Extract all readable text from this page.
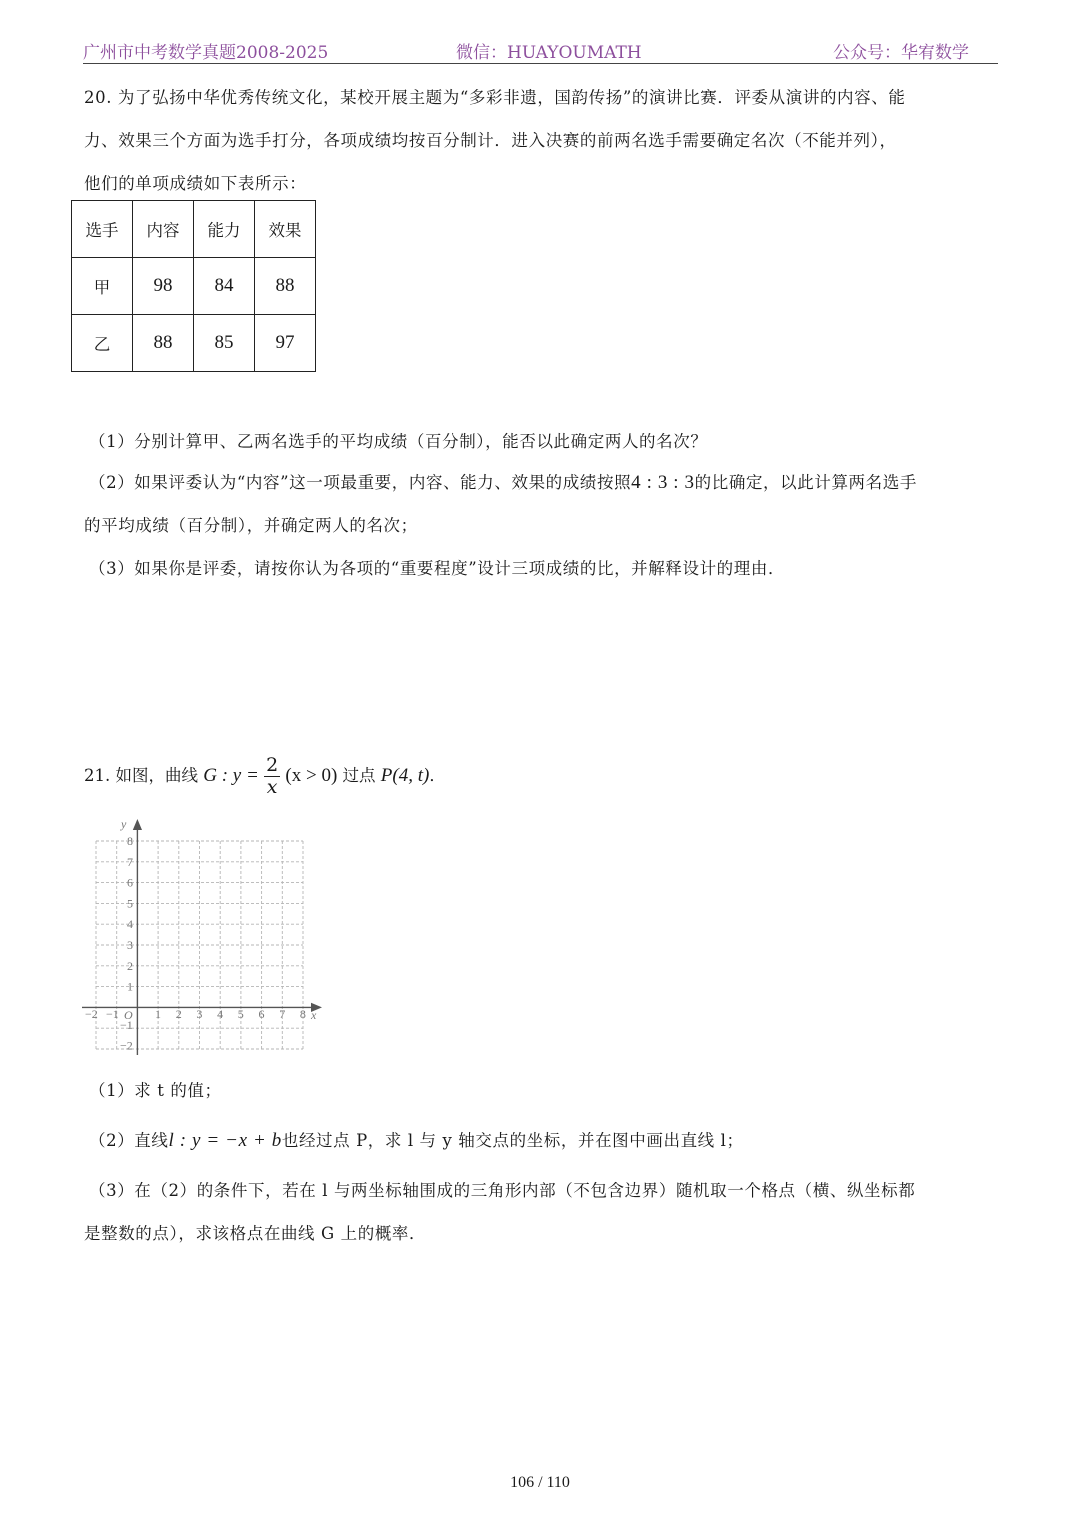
广州市中考数学真题2008-2025	微信：HUAYOUMATH	公众号：华宥数学
20. 为了弘扬中华优秀传统文化，某校开展主题为“多彩非遗，国韵传扬”的演讲比赛．评委从演讲的内容、能
力、效果三个方面为选手打分，各项成绩均按百分制计．进入决赛的前两名选手需要确定名次（不能并列），
他们的单项成绩如下表所示：
选手	内容	能力	效果
甲	98	84	88
乙	88	85	97
（1）分别计算甲、乙两名选手的平均成绩（百分制），能否以此确定两人的名次？
（2）如果评委认为“内容”这一项最重要，内容、能力、效果的成绩按照4 : 3 : 3的比确定，以此计算两名选手
的平均成绩（百分制），并确定两人的名次；
（3）如果你是评委，请按你认为各项的“重要程度”设计三项成绩的比，并解释设计的理由．
21. 如图，曲线 G : $y = \frac{2}{x} (x > 0)$ 过点 P(4, t)．
y
x
O
−2 −1	1 2 3 4 5 6 7 8
8
7
6
5
4
3
2
1
−1
−2
（1）求 t 的值；
（2）直线l : y = −x + b也经过点 P，求 l 与 y 轴交点的坐标，并在图中画出直线 l；
（3）在（2）的条件下，若在 l 与两坐标轴围成的三角形内部（不包含边界）随机取一个格点（横、纵坐标都
是整数的点），求该格点在曲线 G 上的概率．
106 / 110
